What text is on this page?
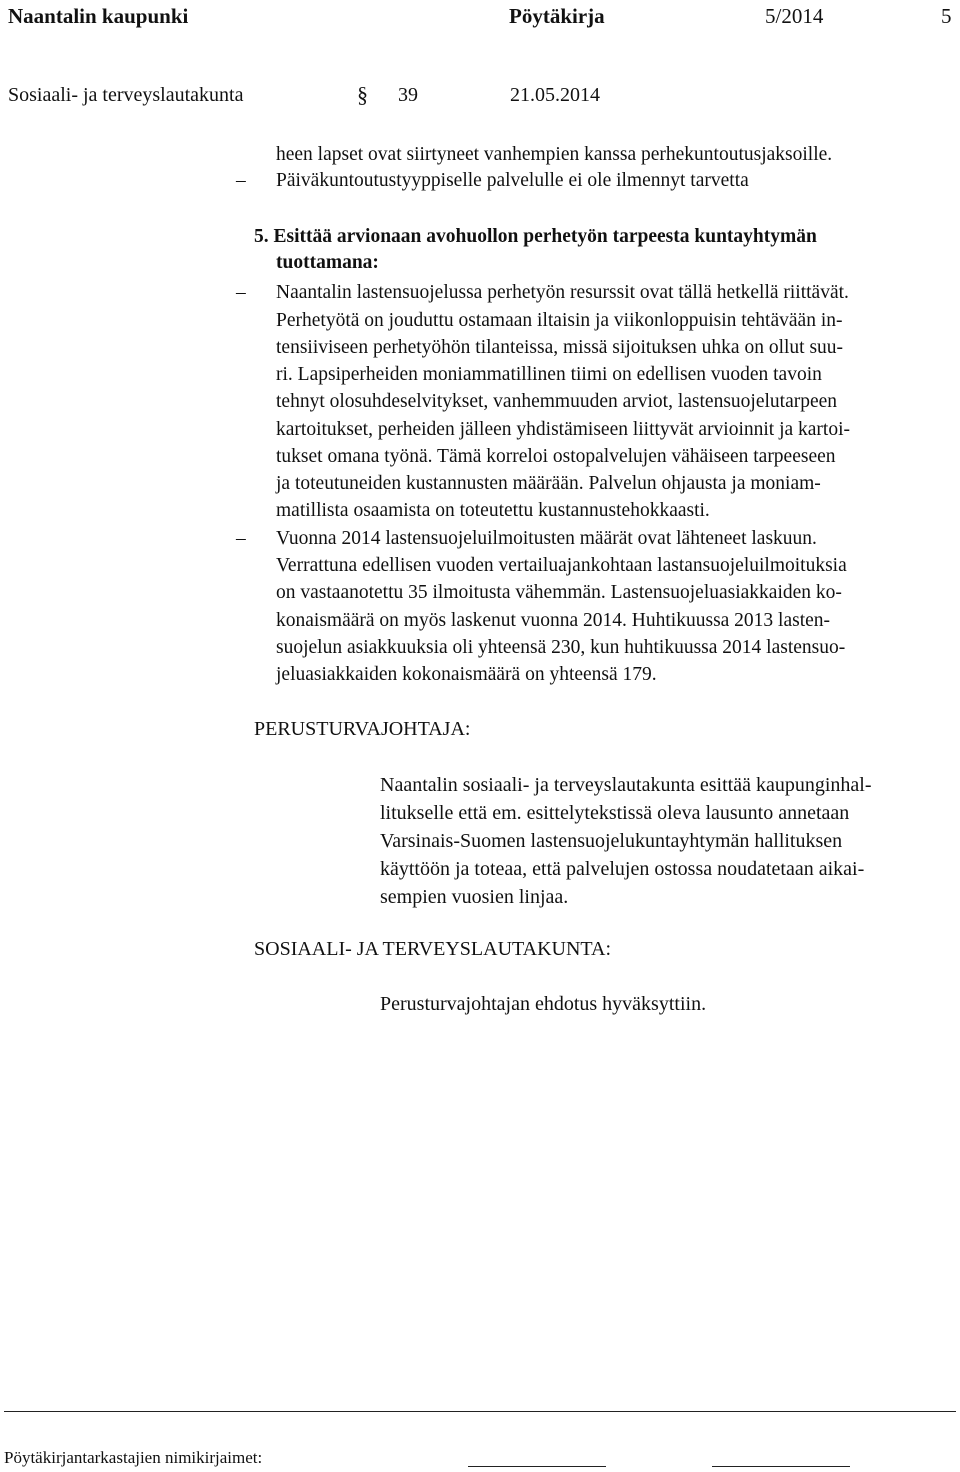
Naantalin kaupunki	Pöytäkirja	5/2014	5
Sosiaali- ja terveyslautakunta	§ 39	21.05.2014
heen lapset ovat siirtyneet vanhempien kanssa perhekuntoutusjaksoille.
– Päiväkuntoutustyyppiselle palvelulle ei ole ilmennyt tarvetta
5. Esittää arvionaan avohuollon perhetyön tarpeesta kuntayhtymän
tuottamana:
– Naantalin lastensuojelussa perhetyön resurssit ovat tällä hetkellä riittävät.
Perhetyötä on jouduttu ostamaan iltaisin ja viikonloppuisin tehtävään in-
tensiiviseen perhetyöhön tilanteissa, missä sijoituksen uhka on ollut suu-
ri. Lapsiperheiden moniammatillinen tiimi on edellisen vuoden tavoin
tehnyt olosuhdeselvitykset, vanhemmuuden arviot, lastensuojelutarpeen
kartoitukset, perheiden jälleen yhdistämiseen liittyvät arvioinnit ja kartoi-
tukset omana työnä. Tämä korreloi ostopalvelujen vähäiseen tarpeeseen
ja toteutuneiden kustannusten määrään. Palvelun ohjausta ja moniam-
matillista osaamista on toteutettu kustannustehokkaasti.
– Vuonna 2014 lastensuojeluilmoitusten määrät ovat lähteneet laskuun.
Verrattuna edellisen vuoden vertailuajankohtaan lastansuojeluilmoituksia
on vastaanotettu 35 ilmoitusta vähemmän. Lastensuojeluasiakkaiden ko-
konaismäärä on myös laskenut vuonna 2014. Huhtikuussa 2013 lasten-
suojelun asiakkuuksia oli yhteensä 230, kun huhtikuussa 2014 lastensuo-
jeluasiakkaiden kokonaismäärä on yhteensä 179.
PERUSTURVAJOHTAJA:
Naantalin sosiaali- ja terveyslautakunta esittää kaupunginhal-
litukselle että em. esittelytekstissä oleva lausunto annetaan
Varsinais-Suomen lastensuojelukuntayhtymän hallituksen
käyttöön ja toteaa, että palvelujen ostossa noudatetaan aikai-
sempien vuosien linjaa.
SOSIAALI- JA TERVEYSLAUTAKUNTA:
Perusturvajohtajan ehdotus hyväksyttiin.
Pöytäkirjantarkastajien nimikirjaimet:
